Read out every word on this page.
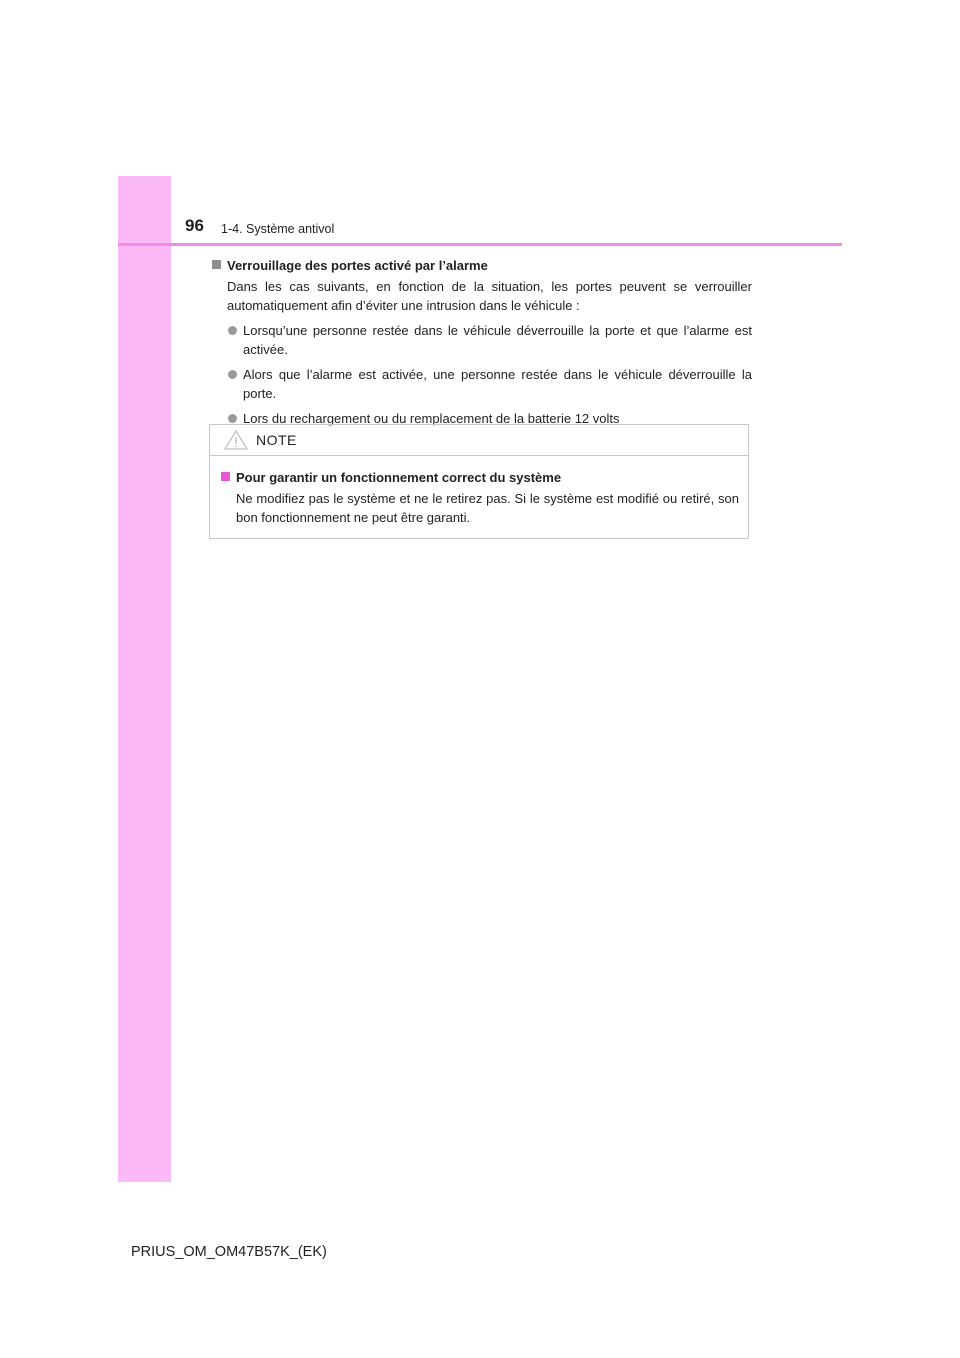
96 1-4. Système antivol
Verrouillage des portes activé par l’alarme
Dans les cas suivants, en fonction de la situation, les portes peuvent se verrouiller automatiquement afin d’éviter une intrusion dans le véhicule :
Lorsqu’une personne restée dans le véhicule déverrouille la porte et que l’alarme est activée.
Alors que l’alarme est activée, une personne restée dans le véhicule déverrouille la porte.
Lors du rechargement ou du remplacement de la batterie 12 volts
NOTE
Pour garantir un fonctionnement correct du système
Ne modifiez pas le système et ne le retirez pas. Si le système est modifié ou retiré, son bon fonctionnement ne peut être garanti.
PRIUS_OM_OM47B57K_(EK)
